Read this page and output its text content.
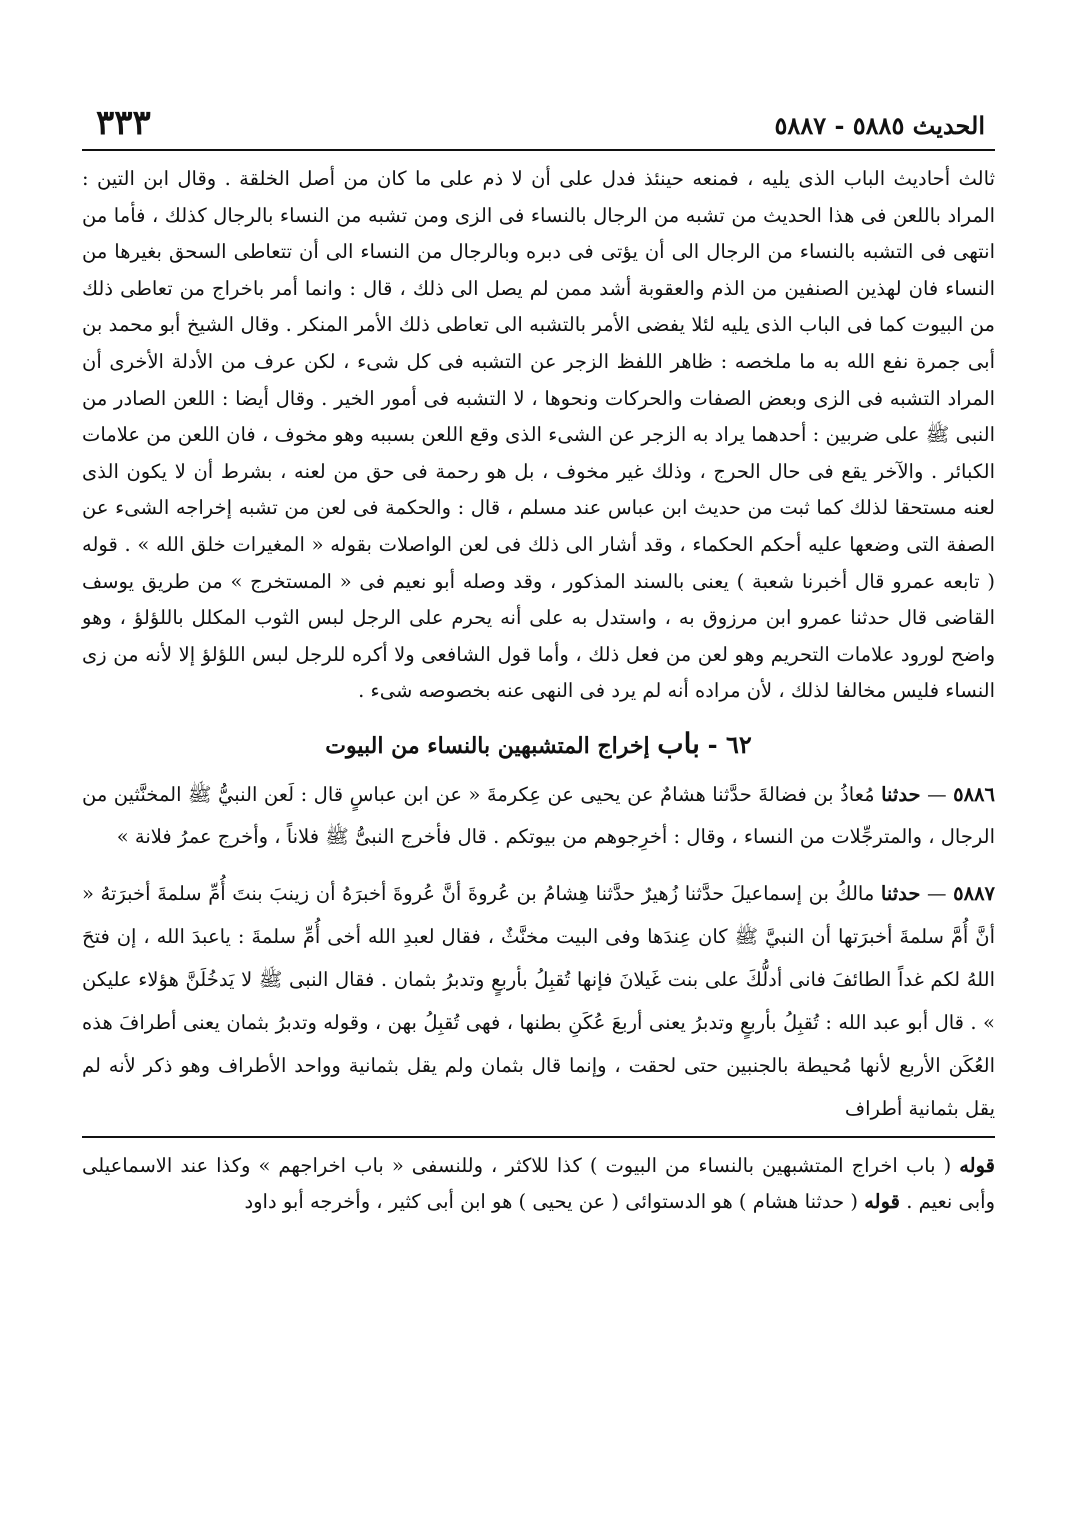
الحديث ٥٨٨٥ - ٥٨٨٧
٣٣٣

ثالث أحاديث الباب الذى يليه ، فمنعه حينئذ فدل على أن لا ذم على ما كان من أصل الخلقة . وقال ابن التين : المراد باللعن فى هذا الحديث من تشبه من الرجال بالنساء فى الزى ومن تشبه من النساء بالرجال كذلك ، فأما من انتهى فى التشبه بالنساء من الرجال الى أن يؤتى فى دبره وبالرجال من النساء الى أن تتعاطى السحق بغيرها من النساء فان لهذين الصنفين من الذم والعقوبة أشد ممن لم يصل الى ذلك ، قال : وانما أمر باخراج من تعاطى ذلك من البيوت كما فى الباب الذى يليه لئلا يفضى الأمر بالتشبه الى تعاطى ذلك الأمر المنكر . وقال الشيخ أبو محمد بن أبى جمرة نفع الله به ما ملخصه : ظاهر اللفظ الزجر عن التشبه فى كل شىء ، لكن عرف من الأدلة الأخرى أن المراد التشبه فى الزى وبعض الصفات والحركات ونحوها ، لا التشبه فى أمور الخير . وقال أيضا : اللعن الصادر من النبى ﷺ على ضربين : أحدهما يراد به الزجر عن الشىء الذى وقع اللعن بسببه وهو مخوف ، فان اللعن من علامات الكبائر . والآخر يقع فى حال الحرج ، وذلك غير مخوف ، بل هو رحمة فى حق من لعنه ، بشرط أن لا يكون الذى لعنه مستحقا لذلك كما ثبت من حديث ابن عباس عند مسلم ، قال : والحكمة فى لعن من تشبه إخراجه الشىء عن الصفة التى وضعها عليه أحكم الحكماء ، وقد أشار الى ذلك فى لعن الواصلات بقوله « المغيرات خلق الله » . قوله ( تابعه عمرو قال أخبرنا شعبة ) يعنى بالسند المذكور ، وقد وصله أبو نعيم فى « المستخرج » من طريق يوسف القاضى قال حدثنا عمرو ابن مرزوق به ، واستدل به على أنه يحرم على الرجل لبس الثوب المكلل باللؤلؤ ، وهو واضح لورود علامات التحريم وهو لعن من فعل ذلك ، وأما قول الشافعى ولا أكره للرجل لبس اللؤلؤ إلا لأنه من زى النساء فليس مخالفا لذلك ، لأن مراده أنه لم يرد فى النهى عنه بخصوصه شىء .

٦٢ - باب إخراج المتشبهين بالنساء من البيوت

٥٨٨٦ — حدثنا مُعاذُ بن فضالةَ حدَّثنا هشامٌ عن يحيى عن عِكرمةَ « عن ابن عباسٍ قال : لَعن النبيُّ ﷺ المخنَّثين من الرجال ، والمترجِّلات من النساء ، وقال : أخرِجوهم من بيوتكم . قال فأخرج النبىُّ ﷺ فلاناً ، وأخرج عمرُ فلانة »

٥٨٨٧ — حدثنا مالكُ بن إسماعيلَ حدَّثنا زُهيرٌ حدَّثنا هِشامُ بن عُروةَ أنَّ عُروةَ أخبرَهُ أن زينبَ بنتَ أُمِّ سلمةَ أخبرَتهُ « أنَّ أُمَّ سلمةَ أخبرَتها أن النبيَّ ﷺ كان عِندَها وفى البيت مخنَّثٌ ، فقال لعبدِ الله أخى أُمِّ سلمةَ : ياعبدَ الله ، إن فتحَ اللهُ لكم غداً الطائفَ فانى أدلُّكَ على بنت غَيلانَ فإنها تُقبِلُ بأربعٍ وتدبرُ بثمان . فقال النبى ﷺ لا يَدخُلَنَّ هؤلاء عليكن » . قال أبو عبد الله : تُقبِلُ بأربعٍ وتدبرُ يعنى أربعَ عُكَنِ بطنها ، فهى تُقبِلُ بهن ، وقوله وتدبرُ بثمان يعنى أطرافَ هذه العُكَن الأربع لأنها مُحيطة بالجنبين حتى لحقت ، وإنما قال بثمان ولم يقل بثمانية وواحد الأطراف وهو ذكر لأنه لم يقل بثمانية أطراف

قوله ( باب اخراج المتشبهين بالنساء من البيوت ) كذا للاكثر ، وللنسفى « باب اخراجهم » وكذا عند الاسماعيلى وأبى نعيم . قوله ( حدثنا هشام ) هو الدستوائى ( عن يحيى ) هو ابن أبى كثير ، وأخرجه أبو داود
